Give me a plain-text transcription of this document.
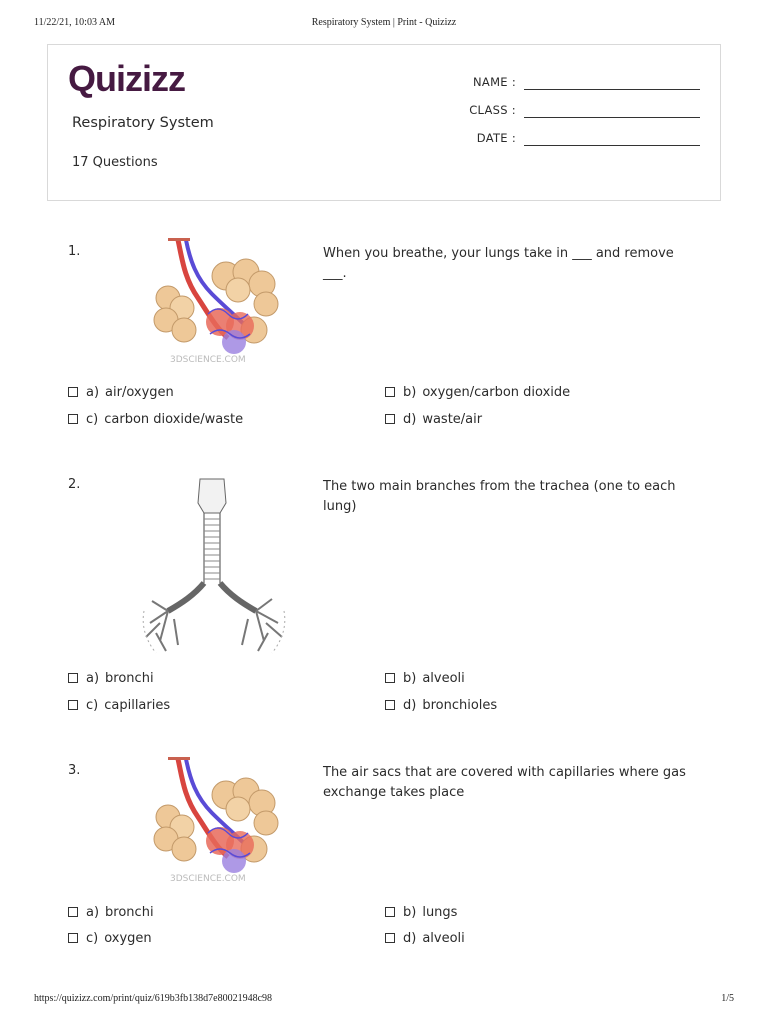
11/22/21, 10:03 AM	Respiratory System | Print - Quizizz
Quizizz
Respiratory System
17 Questions
NAME :
CLASS :
DATE :
1.
3DSCIENCE.COM
When you breathe, your lungs take in ___ and remove ___.
a) air/oxygen	b) oxygen/carbon dioxide
c) carbon dioxide/waste	d) waste/air
2.	The two main branches from the trachea (one to each lung)
a) bronchi	b) alveoli
c) capillaries	d) bronchioles
3.
3DSCIENCE.COM
The air sacs that are covered with capillaries where gas exchange takes place
a) bronchi	b) lungs
c) oxygen	d) alveoli
https://quizizz.com/print/quiz/619b3fb138d7e80021948c98	1/5
